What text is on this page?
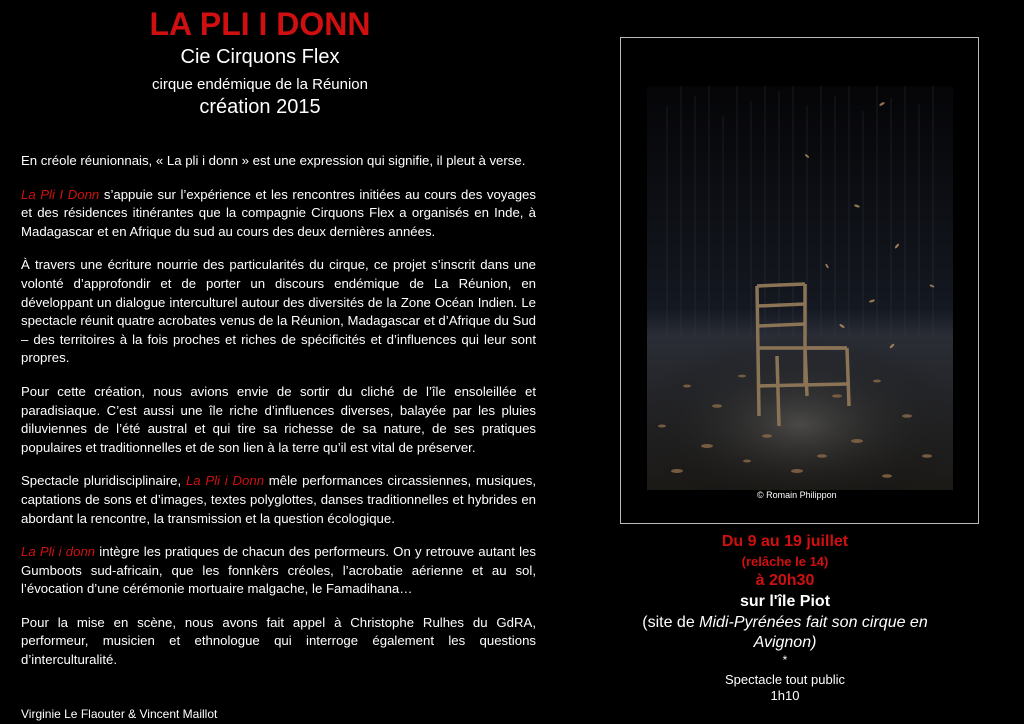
LA PLI I DONN
Cie Cirquons Flex
cirque endémique de la Réunion
création 2015

En créole réunionnais, « La pli i donn » est une expression qui signifie, il pleut à verse.

La Pli I Donn s’appuie sur l’expérience et les rencontres initiées au cours des voyages et des résidences itinérantes que la compagnie Cirquons Flex a organisés en Inde, à Madagascar et en Afrique du sud au cours des deux dernières années.

À travers une écriture nourrie des particularités du cirque, ce projet s’inscrit dans une volonté d’approfondir et de porter un discours endémique de La Réunion, en développant un dialogue interculturel autour des diversités de la Zone Océan Indien. Le spectacle réunit quatre acrobates venus de la Réunion, Madagascar et d’Afrique du Sud – des territoires à la fois proches et riches de spécificités et d’influences qui leur sont propres.

Pour cette création, nous avions envie de sortir du cliché de l’île ensoleillée et paradisiaque. C’est aussi une île riche d’influences diverses, balayée par les pluies diluviennes de l’été austral et qui tire sa richesse de sa nature, de ses pratiques populaires et traditionnelles et de son lien à la terre qu’il est vital de préserver.

Spectacle pluridisciplinaire, La Pli i Donn mêle performances circassiennes, musiques, captations de sons et d’images, textes polyglottes, danses traditionnelles et hybrides en abordant la rencontre, la transmission et la question écologique.

La Pli i donn intègre les pratiques de chacun des performeurs. On y retrouve autant les Gumboots sud-africain, que les fonnkèrs créoles, l’acrobatie aérienne et au sol, l’évocation d’une cérémonie mortuaire malgache, le Famadihana…

Pour la mise en scène, nous avons fait appel à Christophe Rulhes du GdRA, performeur, musicien et ethnologue qui interroge également les questions d’interculturalité.

Virginie Le Flaouter & Vincent Maillot
© Romain Philippon
Du 9 au 19 juillet
(relâche le 14)
à 20h30
sur l'île Piot
(site de Midi-Pyrénées fait son cirque en Avignon)
*
Spectacle tout public
1h10
